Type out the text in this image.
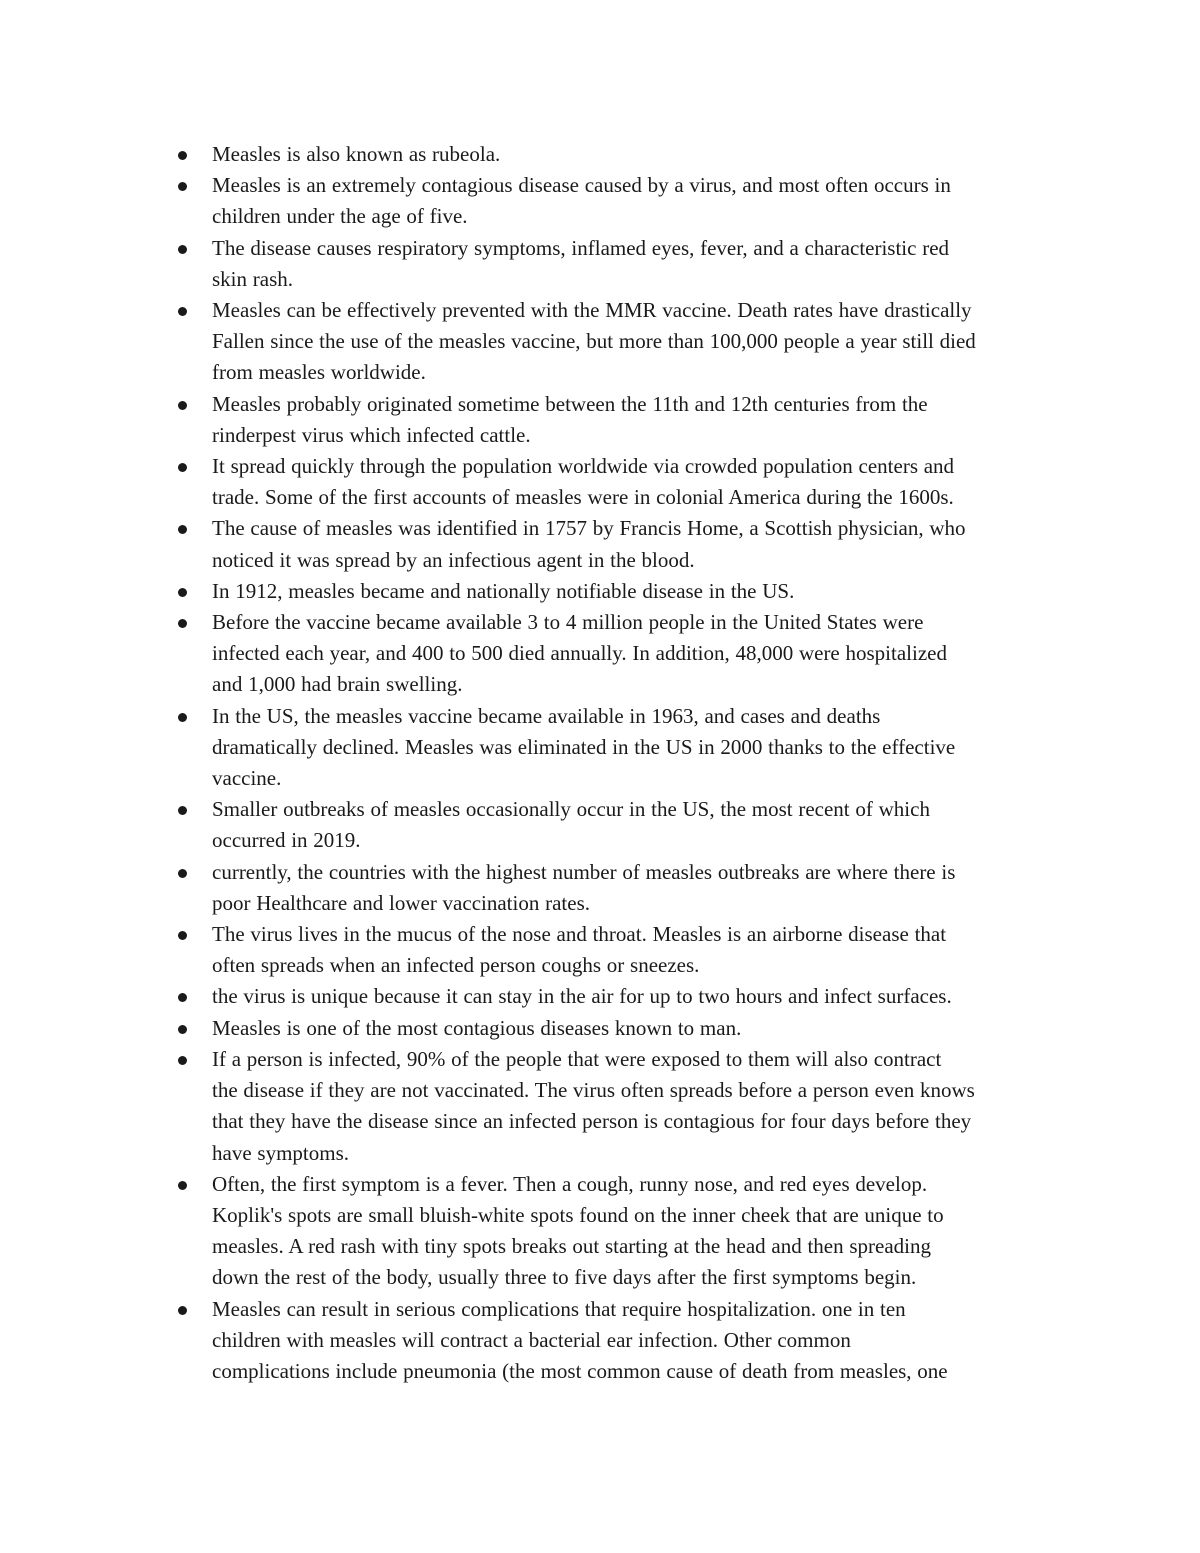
Measles is also known as rubeola.
Measles is an extremely contagious disease caused by a virus, and most often occurs in
children under the age of five.
The disease causes respiratory symptoms, inflamed eyes, fever, and a characteristic red
skin rash.
Measles can be effectively prevented with the MMR vaccine. Death rates have drastically
Fallen since the use of the measles vaccine, but more than 100,000 people a year still died
from measles worldwide.
Measles probably originated sometime between the 11th and 12th centuries from the
rinderpest virus which infected cattle.
It spread quickly through the population worldwide via crowded population centers and
trade. Some of the first accounts of measles were in colonial America during the 1600s.
The cause of measles was identified in 1757 by Francis Home, a Scottish physician, who
noticed it was spread by an infectious agent in the blood.
In 1912, measles became and nationally notifiable disease in the US.
Before the vaccine became available 3 to 4 million people in the United States were
infected each year, and 400 to 500 died annually. In addition, 48,000 were hospitalized
and 1,000 had brain swelling.
In the US, the measles vaccine became available in 1963, and cases and deaths
dramatically declined. Measles was eliminated in the US in 2000 thanks to the effective
vaccine.
Smaller outbreaks of measles occasionally occur in the US, the most recent of which
occurred in 2019.
currently, the countries with the highest number of measles outbreaks are where there is
poor Healthcare and lower vaccination rates.
The virus lives in the mucus of the nose and throat. Measles is an airborne disease that
often spreads when an infected person coughs or sneezes.
the virus is unique because it can stay in the air for up to two hours and infect surfaces.
Measles is one of the most contagious diseases known to man.
If a person is infected, 90% of the people that were exposed to them will also contract
the disease if they are not vaccinated. The virus often spreads before a person even knows
that they have the disease since an infected person is contagious for four days before they
have symptoms.
Often, the first symptom is a fever. Then a cough, runny nose, and red eyes develop.
Koplik's spots are small bluish-white spots found on the inner cheek that are unique to
measles. A red rash with tiny spots breaks out starting at the head and then spreading
down the rest of the body, usually three to five days after the first symptoms begin.
Measles can result in serious complications that require hospitalization. one in ten
children with measles will contract a bacterial ear infection. Other common
complications include pneumonia (the most common cause of death from measles, one
